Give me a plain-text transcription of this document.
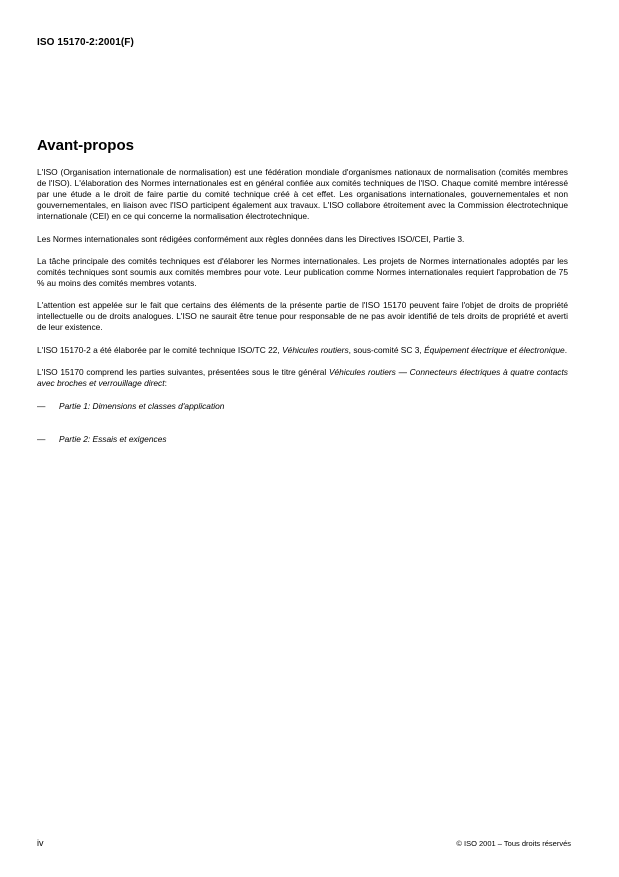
ISO 15170-2:2001(F)
Avant-propos

L'ISO (Organisation internationale de normalisation) est une fédération mondiale d'organismes nationaux de normalisation (comités membres de l'ISO). L'élaboration des Normes internationales est en général confiée aux comités techniques de l'ISO. Chaque comité membre intéressé par une étude a le droit de faire partie du comité technique créé à cet effet. Les organisations internationales, gouvernementales et non gouvernementales, en liaison avec l'ISO participent également aux travaux. L'ISO collabore étroitement avec la Commission électrotechnique internationale (CEI) en ce qui concerne la normalisation électrotechnique.

Les Normes internationales sont rédigées conformément aux règles données dans les Directives ISO/CEI, Partie 3.

La tâche principale des comités techniques est d'élaborer les Normes internationales. Les projets de Normes internationales adoptés par les comités techniques sont soumis aux comités membres pour vote. Leur publication comme Normes internationales requiert l'approbation de 75 % au moins des comités membres votants.

L'attention est appelée sur le fait que certains des éléments de la présente partie de l'ISO 15170 peuvent faire l'objet de droits de propriété intellectuelle ou de droits analogues. L'ISO ne saurait être tenue pour responsable de ne pas avoir identifié de tels droits de propriété et averti de leur existence.

L'ISO 15170-2 a été élaborée par le comité technique ISO/TC 22, Véhicules routiers, sous-comité SC 3, Équipement électrique et électronique.

L'ISO 15170 comprend les parties suivantes, présentées sous le titre général Véhicules routiers — Connecteurs électriques à quatre contacts avec broches et verrouillage direct:

—	Partie 1: Dimensions et classes d'application
—	Partie 2: Essais et exigences
iv	© ISO 2001 – Tous droits réservés
